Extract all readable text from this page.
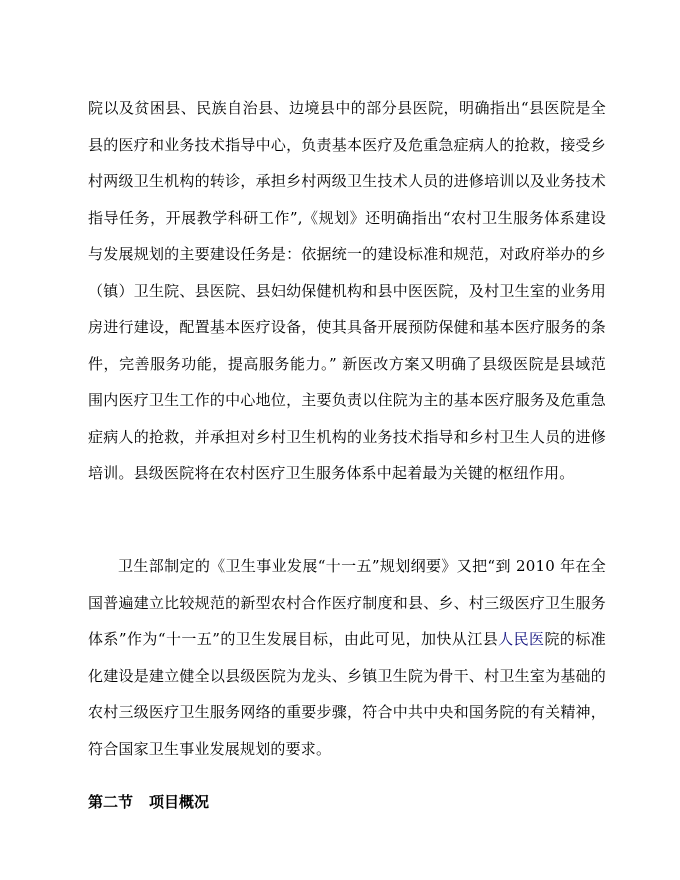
院以及贫困县、民族自治县、边境县中的部分县医院，明确指出“县医院是全县的医疗和业务技术指导中心，负责基本医疗及危重急症病人的抢救，接受乡村两级卫生机构的转诊，承担乡村两级卫生技术人员的进修培训以及业务技术指导任务，开展教学科研工作”,《规划》还明确指出“农村卫生服务体系建设与发展规划的主要建设任务是：依据统一的建设标准和规范，对政府举办的乡（镇）卫生院、县医院、县妇幼保健机构和县中医医院，及村卫生室的业务用房进行建设，配置基本医疗设备，使其具备开展预防保健和基本医疗服务的条件，完善服务功能，提高服务能力。” 新医改方案又明确了县级医院是县域范围内医疗卫生工作的中心地位，主要负责以住院为主的基本医疗服务及危重急症病人的抢救，并承担对乡村卫生机构的业务技术指导和乡村卫生人员的进修培训。县级医院将在农村医疗卫生服务体系中起着最为关键的枢纽作用。

卫生部制定的《卫生事业发展“十一五”规划纲要》又把“到 2010 年在全国普遍建立比较规范的新型农村合作医疗制度和县、乡、村三级医疗卫生服务体系”作为“十一五”的卫生发展目标，由此可见，加快从江县人民医院的标准化建设是建立健全以县级医院为龙头、乡镇卫生院为骨干、村卫生室为基础的农村三级医疗卫生服务网络的重要步骤，符合中共中央和国务院的有关精神，符合国家卫生事业发展规划的要求。

第二节 项目概况
